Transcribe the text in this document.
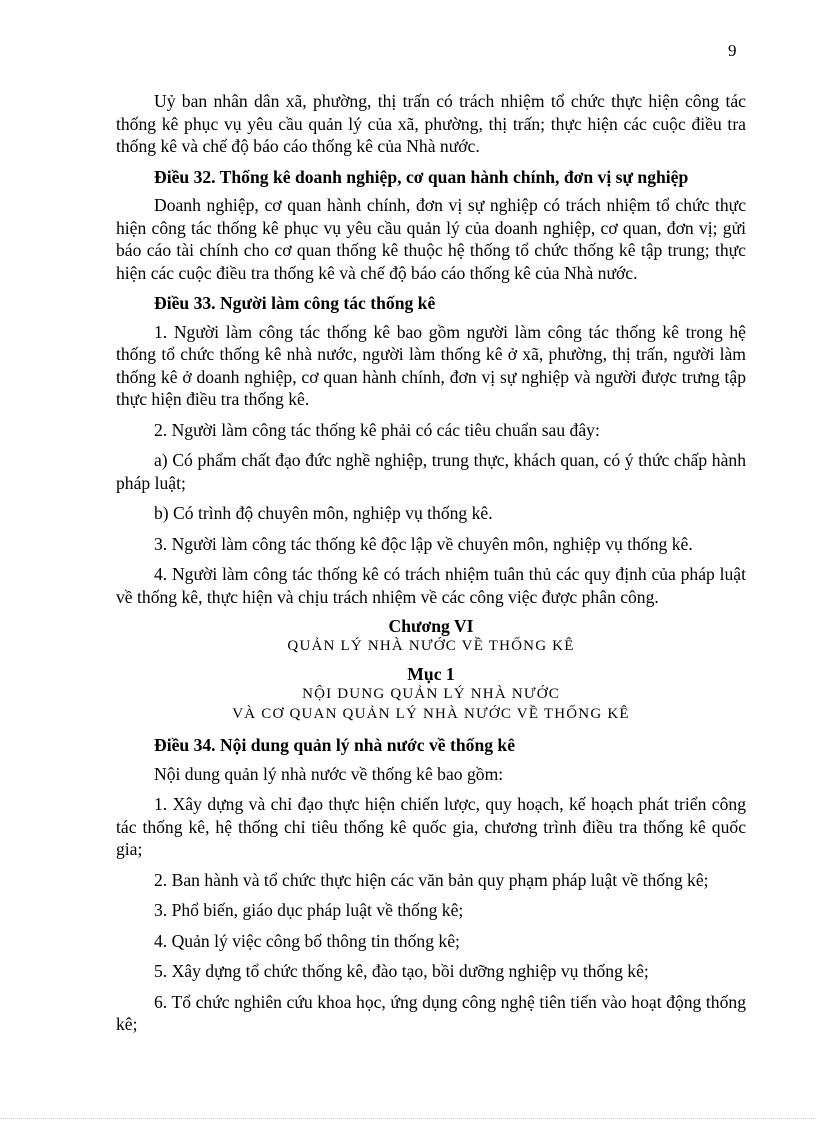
9

Uỷ ban nhân dân xã, phường, thị trấn có trách nhiệm tổ chức thực hiện công tác thống kê phục vụ yêu cầu quản lý của xã, phường, thị trấn; thực hiện các cuộc điều tra thống kê và chế độ báo cáo thống kê của Nhà nước.

Điều 32. Thống kê doanh nghiệp, cơ quan hành chính, đơn vị sự nghiệp

Doanh nghiệp, cơ quan hành chính, đơn vị sự nghiệp có trách nhiệm tổ chức thực hiện công tác thống kê phục vụ yêu cầu quản lý của doanh nghiệp, cơ quan, đơn vị; gửi báo cáo tài chính cho cơ quan thống kê thuộc hệ thống tổ chức thống kê tập trung; thực hiện các cuộc điều tra thống kê và chế độ báo cáo thống kê của Nhà nước.

Điều 33. Người làm công tác thống kê

1. Người làm công tác thống kê bao gồm người làm công tác thống kê trong hệ thống tổ chức thống kê nhà nước, người làm thống kê ở xã, phường, thị trấn, người làm thống kê ở doanh nghiệp, cơ quan hành chính, đơn vị sự nghiệp và người được trưng tập thực hiện điều tra thống kê.

2. Người làm công tác thống kê phải có các tiêu chuẩn sau đây:

a) Có phẩm chất đạo đức nghề nghiệp, trung thực, khách quan, có ý thức chấp hành pháp luật;

b) Có trình độ chuyên môn, nghiệp vụ thống kê.

3. Người làm công tác thống kê độc lập về chuyên môn, nghiệp vụ thống kê.

4. Người làm công tác thống kê có trách nhiệm tuân thủ các quy định của pháp luật về thống kê, thực hiện và chịu trách nhiệm về các công việc được phân công.

Chương VI
QUẢN LÝ NHÀ NƯỚC VỀ THỐNG KÊ
Mục 1
NỘI DUNG QUẢN LÝ NHÀ NƯỚC
VÀ CƠ QUAN QUẢN LÝ NHÀ NƯỚC VỀ THỐNG KÊ

Điều 34. Nội dung quản lý nhà nước về thống kê

Nội dung quản lý nhà nước về thống kê bao gồm:

1. Xây dựng và chỉ đạo thực hiện chiến lược, quy hoạch, kế hoạch phát triển công tác thống kê, hệ thống chỉ tiêu thống kê quốc gia, chương trình điều tra thống kê quốc gia;

2. Ban hành và tổ chức thực hiện các văn bản quy phạm pháp luật về thống kê;

3. Phổ biến, giáo dục pháp luật về thống kê;

4. Quản lý việc công bố thông tin thống kê;

5. Xây dựng tổ chức thống kê, đào tạo, bồi dưỡng nghiệp vụ thống kê;

6. Tổ chức nghiên cứu khoa học, ứng dụng công nghệ tiên tiến vào hoạt động thống kê;
